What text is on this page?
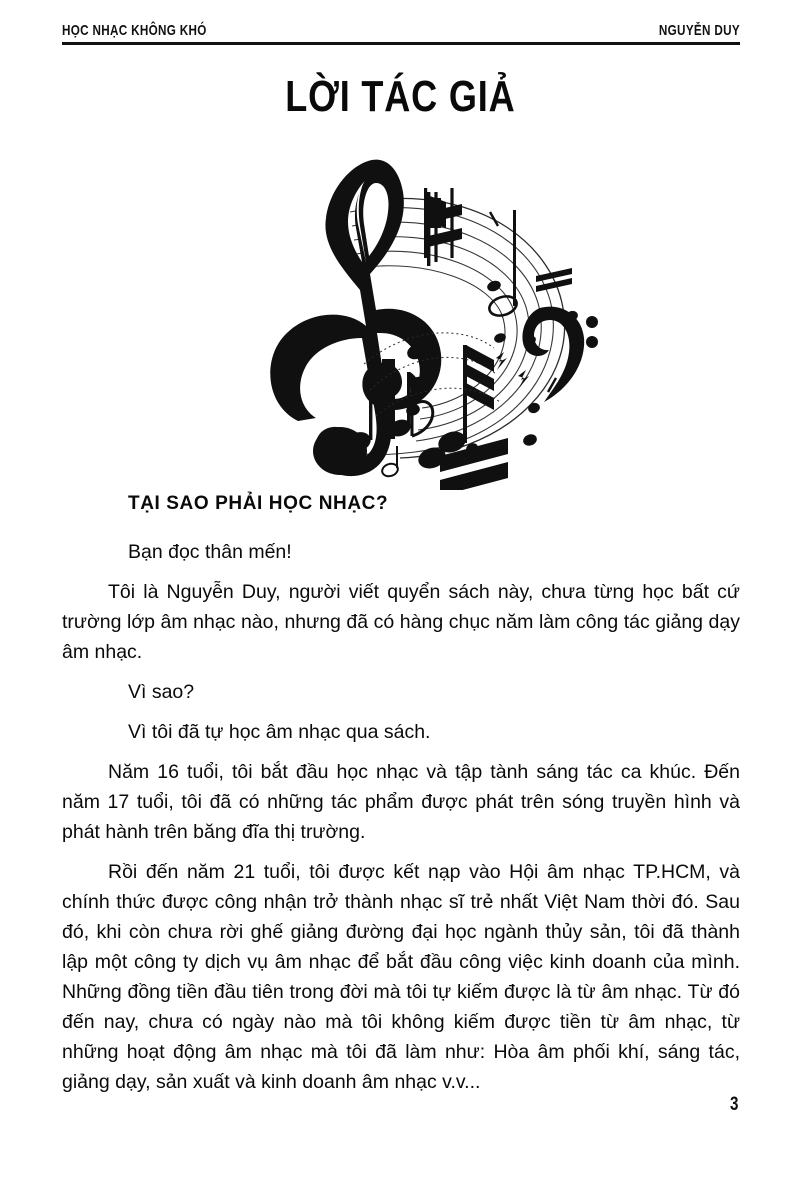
HỌC NHẠC KHÔNG KHÓ	NGUYỄN DUY
LỜI TÁC GIẢ
TẠI SAO PHẢI HỌC NHẠC?

Bạn đọc thân mến!

Tôi là Nguyễn Duy, người viết quyển sách này, chưa từng học bất cứ trường lớp âm nhạc nào, nhưng đã có hàng chục năm làm công tác giảng dạy âm nhạc.

Vì sao?

Vì tôi đã tự học âm nhạc qua sách.

Năm 16 tuổi, tôi bắt đầu học nhạc và tập tành sáng tác ca khúc. Đến năm 17 tuổi, tôi đã có những tác phẩm được phát trên sóng truyền hình và phát hành trên băng đĩa thị trường.

Rồi đến năm 21 tuổi, tôi được kết nạp vào Hội âm nhạc TP.HCM, và chính thức được công nhận trở thành nhạc sĩ trẻ nhất Việt Nam thời đó. Sau đó, khi còn chưa rời ghế giảng đường đại học ngành thủy sản, tôi đã thành lập một công ty dịch vụ âm nhạc để bắt đầu công việc kinh doanh của mình. Những đồng tiền đầu tiên trong đời mà tôi tự kiếm được là từ âm nhạc. Từ đó đến nay, chưa có ngày nào mà tôi không kiếm được tiền từ âm nhạc, từ những hoạt động âm nhạc mà tôi đã làm như: Hòa âm phối khí, sáng tác, giảng dạy, sản xuất và kinh doanh âm nhạc v.v...

3
